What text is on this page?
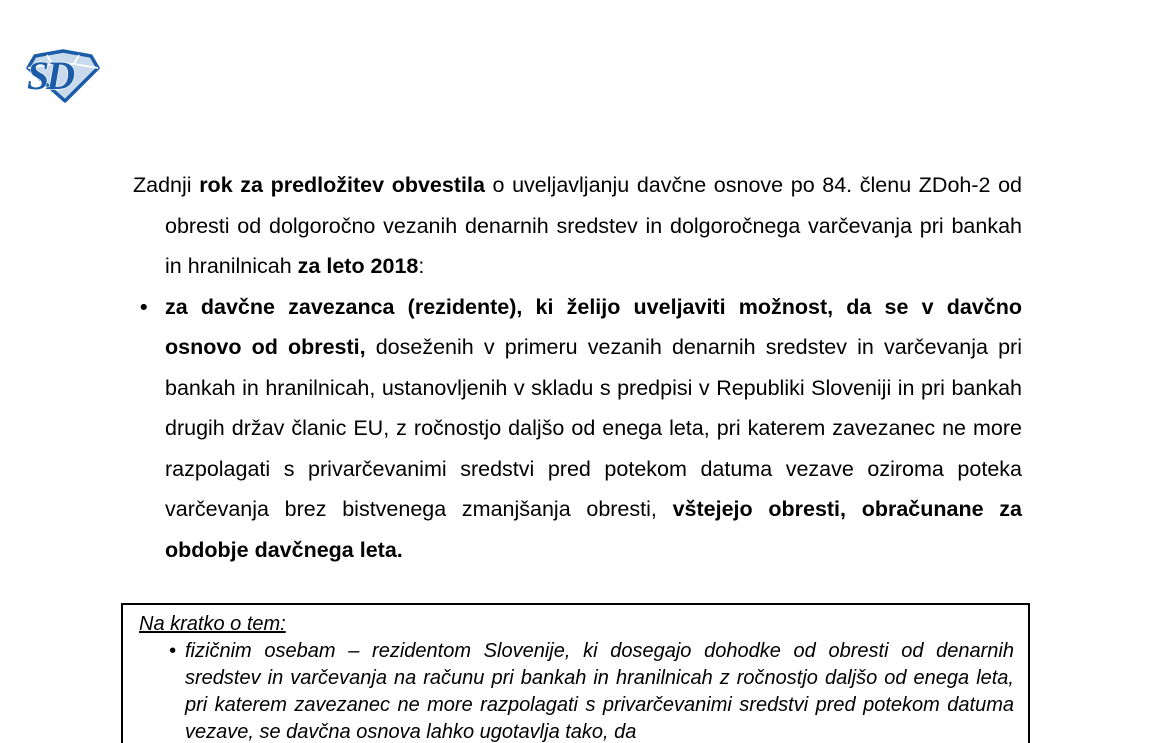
SD

Zadnji rok za predložitev obvestila o uveljavljanju davčne osnove po 84. členu ZDoh-2 od obresti od dolgoročno vezanih denarnih sredstev in dolgoročnega varčevanja pri bankah in hranilnicah za leto 2018:

• za davčne zavezanca (rezidente), ki želijo uveljaviti možnost, da se v davčno osnovo od obresti, doseženih v primeru vezanih denarnih sredstev in varčevanja pri bankah in hranilnicah, ustanovljenih v skladu s predpisi v Republiki Sloveniji in pri bankah drugih držav članic EU, z ročnostjo daljšo od enega leta, pri katerem zavezanec ne more razpolagati s privarčevanimi sredstvi pred potekom datuma vezave oziroma poteka varčevanja brez bistvenega zmanjšanja obresti, vštejejo obresti, obračunane za obdobje davčnega leta.

Na kratko o tem:

• fizičnim osebam – rezidentom Slovenije, ki dosegajo dohodke od obresti od denarnih sredstev in varčevanja na računu pri bankah in hranilnicah z ročnostjo daljšo od enega leta, pri katerem zavezanec ne more razpolagati s privarčevanimi sredstvi pred potekom datuma vezave, se davčna osnova lahko ugotavlja tako, da
